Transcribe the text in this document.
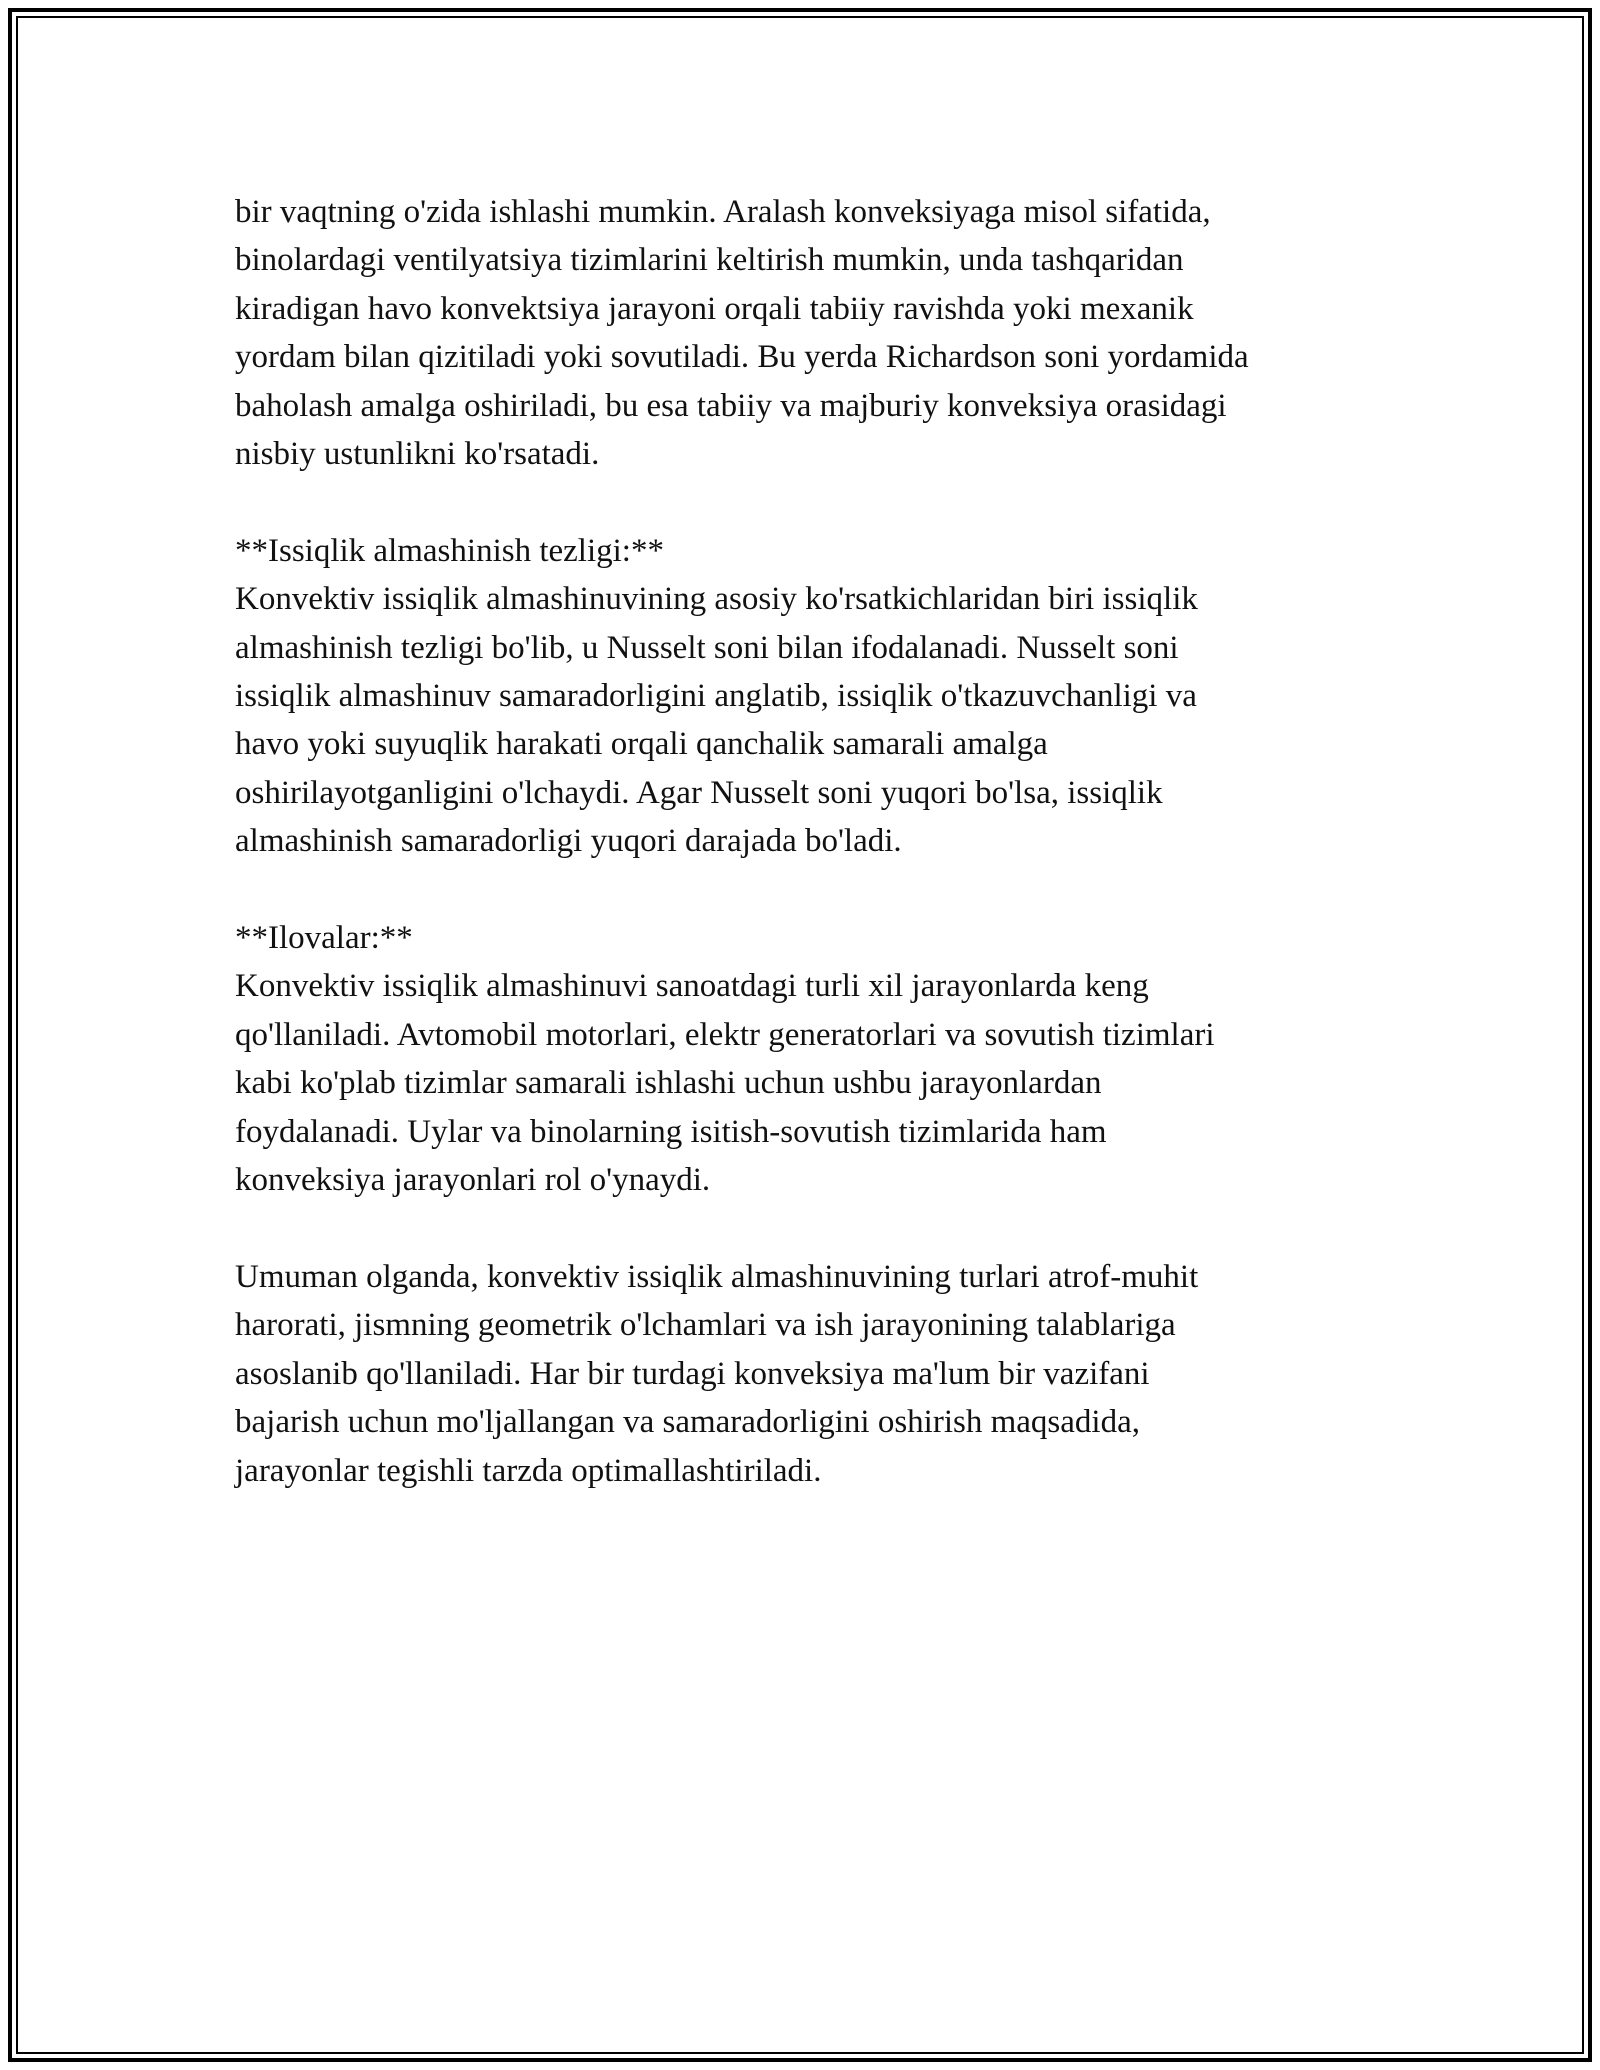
bir vaqtning o'zida ishlashi mumkin. Aralash konveksiyaga misol sifatida,
binolardagi ventilyatsiya tizimlarini keltirish mumkin, unda tashqaridan
kiradigan havo konvektsiya jarayoni orqali tabiiy ravishda yoki mexanik
yordam bilan qizitiladi yoki sovutiladi. Bu yerda Richardson soni yordamida
baholash amalga oshiriladi, bu esa tabiiy va majburiy konveksiya orasidagi
nisbiy ustunlikni ko'rsatadi.

**Issiqlik almashinish tezligi:**
Konvektiv issiqlik almashinuvining asosiy ko'rsatkichlaridan biri issiqlik
almashinish tezligi bo'lib, u Nusselt soni bilan ifodalanadi. Nusselt soni
issiqlik almashinuv samaradorligini anglatib, issiqlik o'tkazuvchanligi va
havo yoki suyuqlik harakati orqali qanchalik samarali amalga
oshirilayotganligini o'lchaydi. Agar Nusselt soni yuqori bo'lsa, issiqlik
almashinish samaradorligi yuqori darajada bo'ladi.

**Ilovalar:**
Konvektiv issiqlik almashinuvi sanoatdagi turli xil jarayonlarda keng
qo'llaniladi. Avtomobil motorlari, elektr generatorlari va sovutish tizimlari
kabi ko'plab tizimlar samarali ishlashi uchun ushbu jarayonlardan
foydalanadi. Uylar va binolarning isitish-sovutish tizimlarida ham
konveksiya jarayonlari rol o'ynaydi.

Umuman olganda, konvektiv issiqlik almashinuvining turlari atrof-muhit
harorati, jismning geometrik o'lchamlari va ish jarayonining talablariga
asoslanib qo'llaniladi. Har bir turdagi konveksiya ma'lum bir vazifani
bajarish uchun mo'ljallangan va samaradorligini oshirish maqsadida,
jarayonlar tegishli tarzda optimallashtiriladi.
